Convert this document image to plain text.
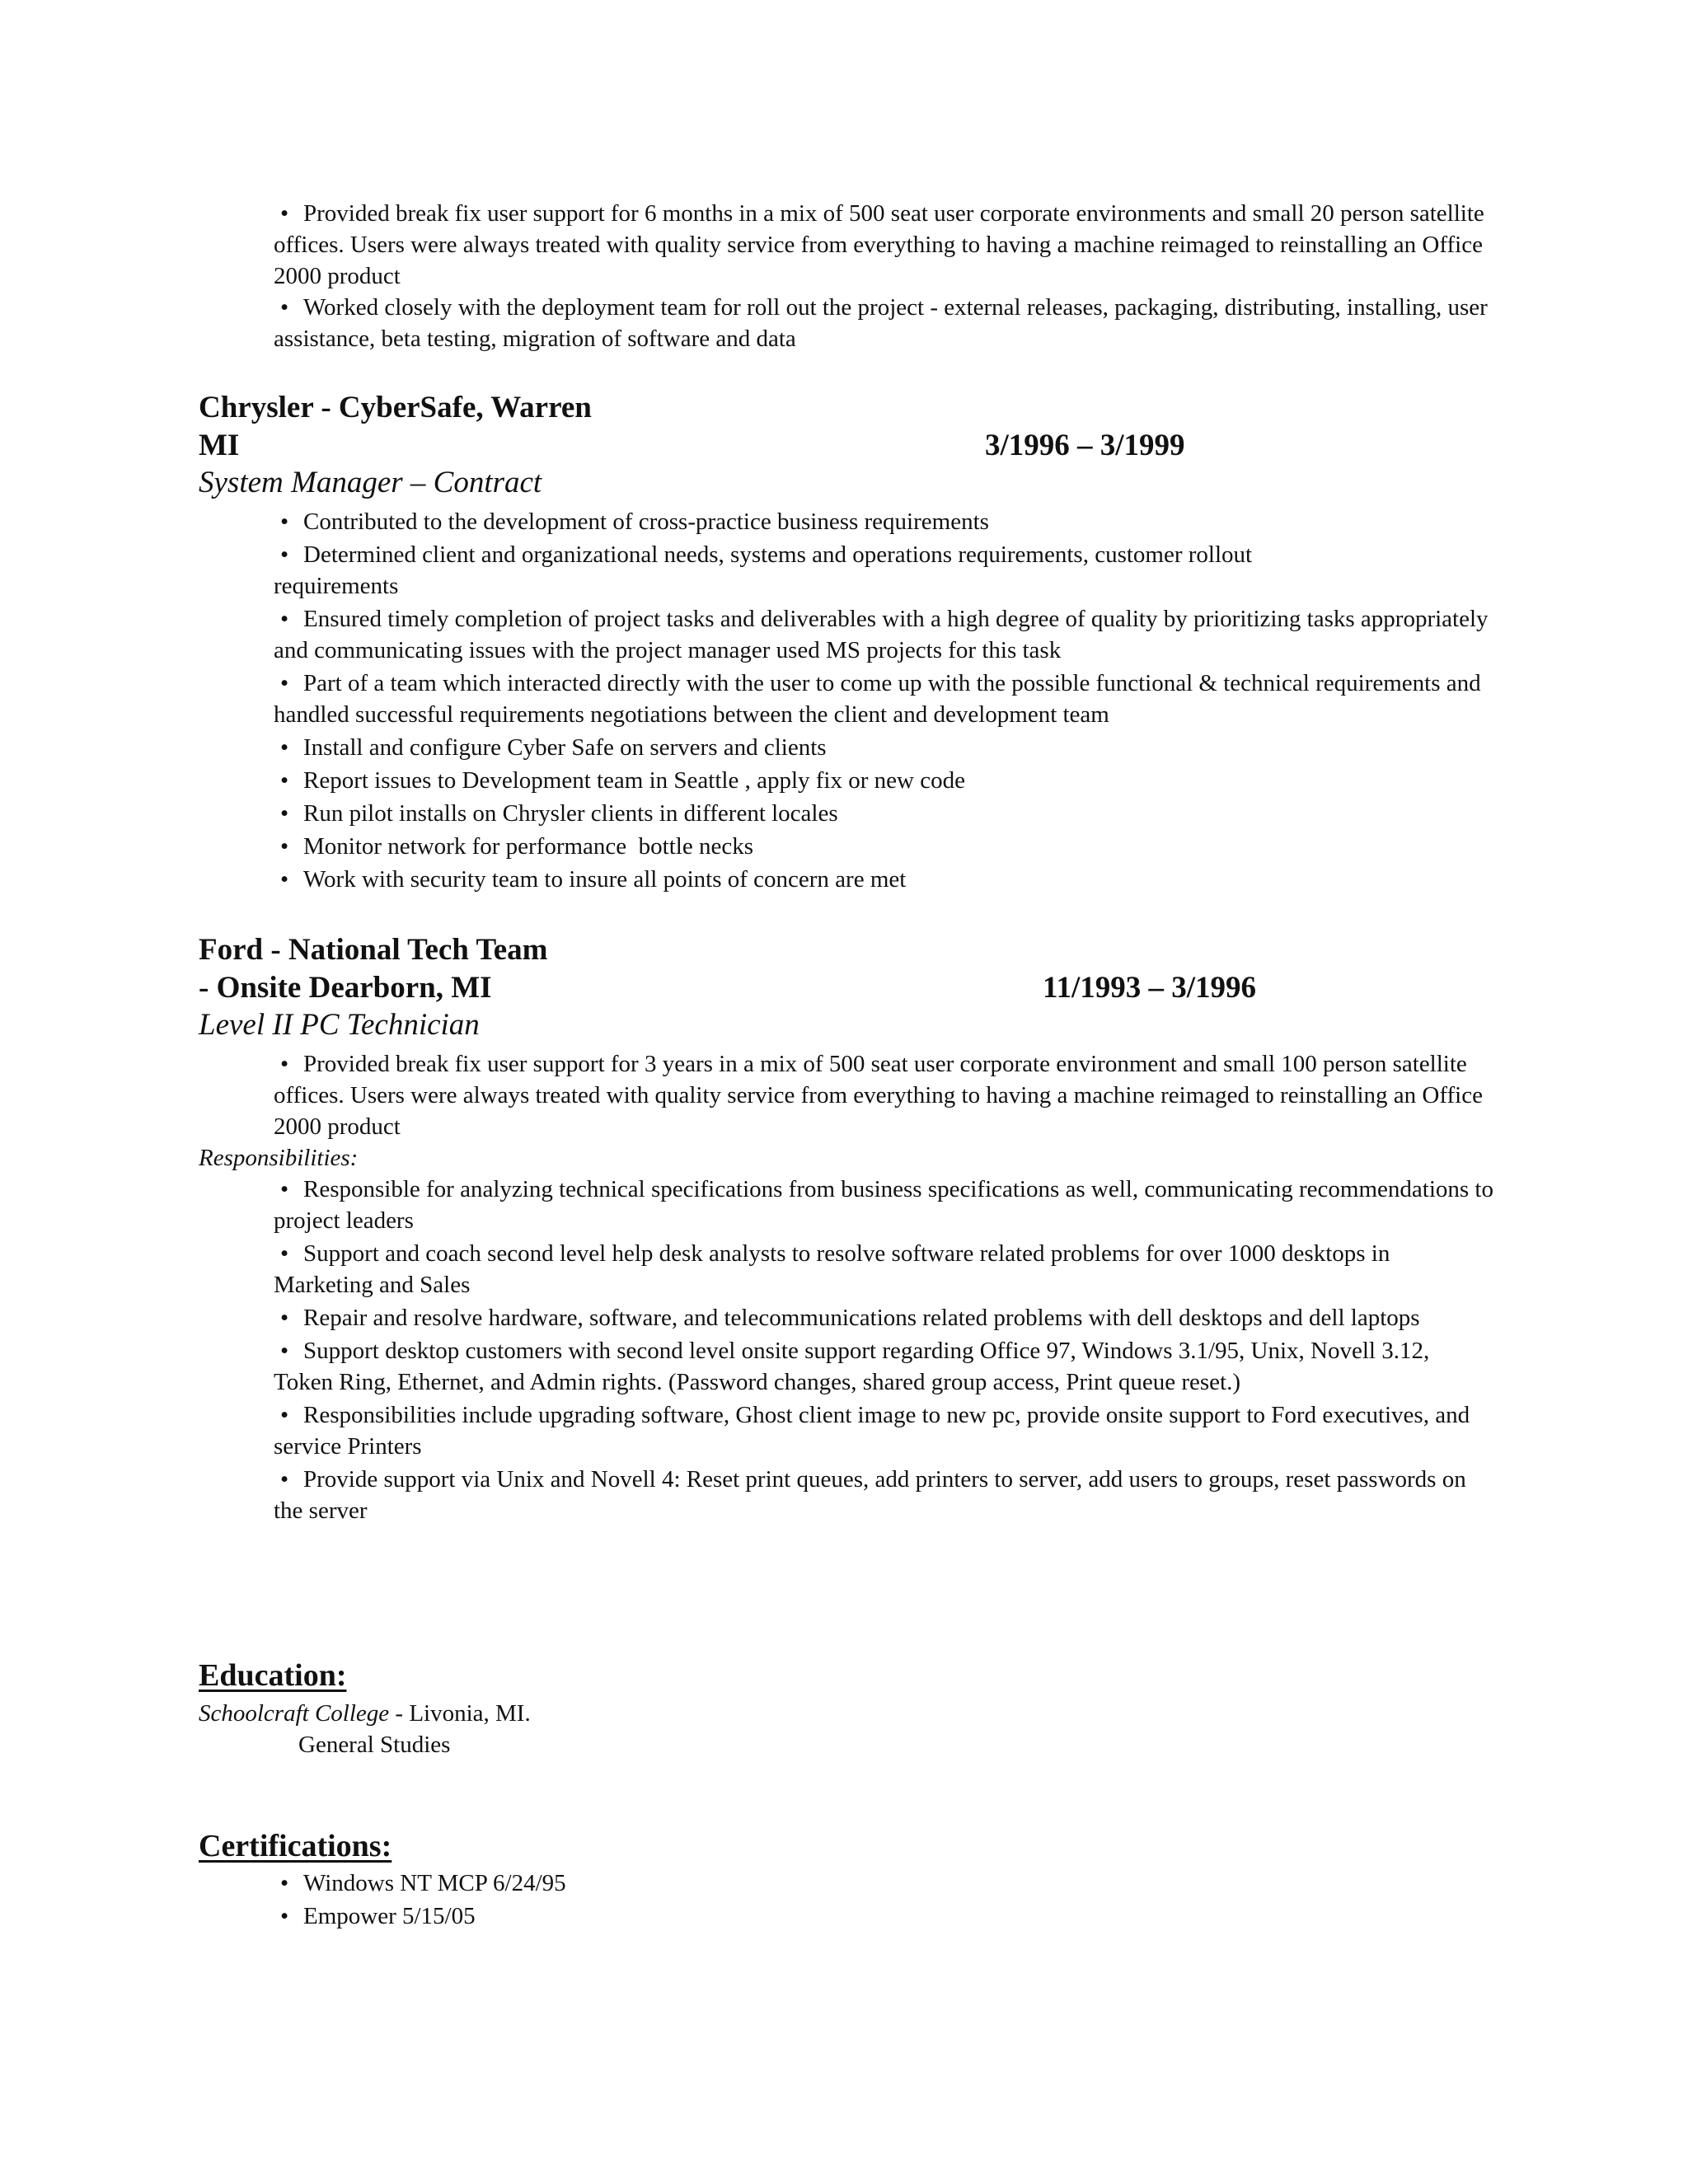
• Provided break fix user support for 6 months in a mix of 500 seat user corporate environments and small 20 person satellite offices. Users were always treated with quality service from everything to having a machine reimaged to reinstalling an Office 2000 product
• Worked closely with the deployment team for roll out the project - external releases, packaging, distributing, installing, user assistance, beta testing, migration of software and data
Chrysler - CyberSafe, Warren
MI	3/1996 – 3/1999
System Manager – Contract
• Contributed to the development of cross-practice business requirements
• Determined client and organizational needs, systems and operations requirements, customer rollout requirements
• Ensured timely completion of project tasks and deliverables with a high degree of quality by prioritizing tasks appropriately and communicating issues with the project manager used MS projects for this task
• Part of a team which interacted directly with the user to come up with the possible functional & technical requirements and handled successful requirements negotiations between the client and development team
• Install and configure Cyber Safe on servers and clients
• Report issues to Development team in Seattle , apply fix or new code
• Run pilot installs on Chrysler clients in different locales
• Monitor network for performance  bottle necks
• Work with security team to insure all points of concern are met
Ford - National Tech Team
- Onsite Dearborn, MI	11/1993 – 3/1996
Level II PC Technician
• Provided break fix user support for 3 years in a mix of 500 seat user corporate environment and small 100 person satellite offices. Users were always treated with quality service from everything to having a machine reimaged to reinstalling an Office 2000 product
Responsibilities:
• Responsible for analyzing technical specifications from business specifications as well, communicating recommendations to project leaders
• Support and coach second level help desk analysts to resolve software related problems for over 1000 desktops in Marketing and Sales
• Repair and resolve hardware, software, and telecommunications related problems with dell desktops and dell laptops
• Support desktop customers with second level onsite support regarding Office 97, Windows 3.1/95, Unix, Novell 3.12, Token Ring, Ethernet, and Admin rights. (Password changes, shared group access, Print queue reset.)
• Responsibilities include upgrading software, Ghost client image to new pc, provide onsite support to Ford executives, and service Printers
• Provide support via Unix and Novell 4: Reset print queues, add printers to server, add users to groups, reset passwords on the server
Education:
Schoolcraft College - Livonia, MI.
General Studies
Certifications:
• Windows NT MCP 6/24/95
• Empower 5/15/05
